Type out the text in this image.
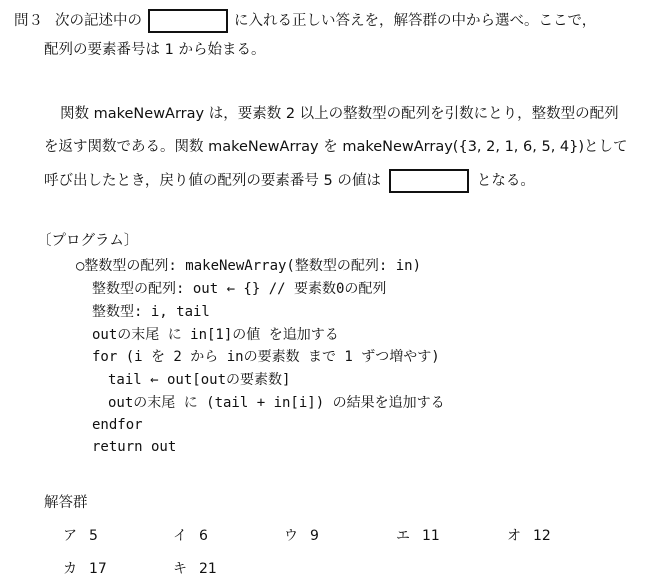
問３ 次の記述中の	に入れる正しい答えを，解答群の中から選べ。ここで，
配列の要素番号は 1 から始まる。
関数 makeNewArray は，要素数 2 以上の整数型の配列を引数にとり，整数型の配列
を返す関数である。関数 makeNewArray を makeNewArray({3, 2, 1, 6, 5, 4})として
呼び出したとき，戻り値の配列の要素番号 5 の値は	となる。
〔プログラム〕
○整数型の配列: makeNewArray(整数型の配列: in)
整数型の配列: out ← {} // 要素数0の配列
整数型: i, tail
outの末尾 に in[1]の値 を追加する
for (i を 2 から inの要素数 まで 1 ずつ増やす)
tail ← out[outの要素数]
outの末尾 に (tail + in[i]) の結果を追加する
endfor
return out
解答群
ア 5	イ 6	ウ 9	エ 11	オ 12
カ 17	キ 21
